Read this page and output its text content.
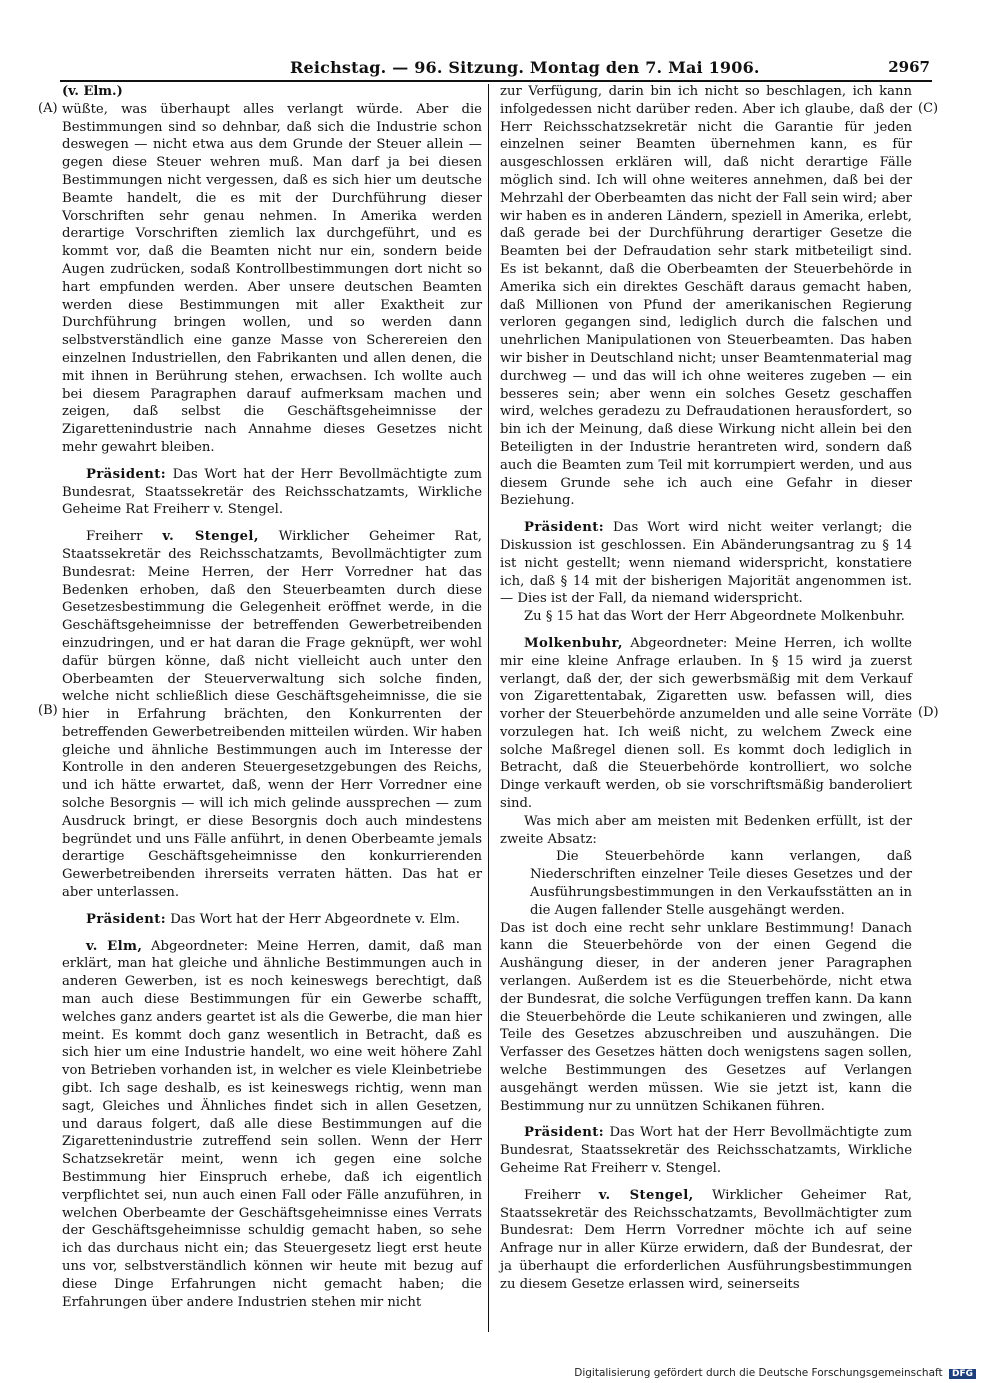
Reichstag. — 96. Sitzung. Montag den 7. Mai 1906.	2967
(A)
(B)
(C)
(D)

(v. Elm.)

wüßte, was überhaupt alles verlangt würde. Aber die Bestimmungen sind so dehnbar, daß sich die Industrie schon deswegen — nicht etwa aus dem Grunde der Steuer allein — gegen diese Steuer wehren muß. Man darf ja bei diesen Bestimmungen nicht vergessen, daß es sich hier um deutsche Beamte handelt, die es mit der Durchführung dieser Vorschriften sehr genau nehmen. In Amerika werden derartige Vorschriften ziemlich lax durchgeführt, und es kommt vor, daß die Beamten nicht nur ein, sondern beide Augen zudrücken, sodaß Kontrollbestimmungen dort nicht so hart empfunden werden. Aber unsere deutschen Beamten werden diese Bestimmungen mit aller Exaktheit zur Durchführung bringen wollen, und so werden dann selbstverständlich eine ganze Masse von Scherereien den einzelnen Industriellen, den Fabrikanten und allen denen, die mit ihnen in Berührung stehen, erwachsen. Ich wollte auch bei diesem Paragraphen darauf aufmerksam machen und zeigen, daß selbst die Geschäftsgeheimnisse der Zigarettenindustrie nach Annahme dieses Gesetzes nicht mehr gewahrt bleiben.

Präsident: Das Wort hat der Herr Bevollmächtigte zum Bundesrat, Staatssekretär des Reichsschatzamts, Wirkliche Geheime Rat Freiherr v. Stengel.

Freiherr v. Stengel, Wirklicher Geheimer Rat, Staatssekretär des Reichsschatzamts, Bevollmächtigter zum Bundesrat: Meine Herren, der Herr Vorredner hat das Bedenken erhoben, daß den Steuerbeamten durch diese Gesetzesbestimmung die Gelegenheit eröffnet werde, in die Geschäftsgeheimnisse der betreffenden Gewerbetreibenden einzudringen, und er hat daran die Frage geknüpft, wer wohl dafür bürgen könne, daß nicht vielleicht auch unter den Oberbeamten der Steuerverwaltung sich solche finden, welche nicht schließlich diese Geschäftsgeheimnisse, die sie hier in Erfahrung brächten, den Konkurrenten der betreffenden Gewerbetreibenden mitteilen würden. Wir haben gleiche und ähnliche Bestimmungen auch im Interesse der Kontrolle in den anderen Steuergesetzgebungen des Reichs, und ich hätte erwartet, daß, wenn der Herr Vorredner eine solche Besorgnis — will ich mich gelinde aussprechen — zum Ausdruck bringt, er diese Besorgnis doch auch mindestens begründet und uns Fälle anführt, in denen Oberbeamte jemals derartige Geschäftsgeheimnisse den konkurrierenden Gewerbetreibenden ihrerseits verraten hätten. Das hat er aber unterlassen.

Präsident: Das Wort hat der Herr Abgeordnete v. Elm.

v. Elm, Abgeordneter: Meine Herren, damit, daß man erklärt, man hat gleiche und ähnliche Bestimmungen auch in anderen Gewerben, ist es noch keineswegs berechtigt, daß man auch diese Bestimmungen für ein Gewerbe schafft, welches ganz anders geartet ist als die Gewerbe, die man hier meint. Es kommt doch ganz wesentlich in Betracht, daß es sich hier um eine Industrie handelt, wo eine weit höhere Zahl von Betrieben vorhanden ist, in welcher es viele Kleinbetriebe gibt. Ich sage deshalb, es ist keineswegs richtig, wenn man sagt, Gleiches und Ähnliches findet sich in allen Gesetzen, und daraus folgert, daß alle diese Bestimmungen auf die Zigarettenindustrie zutreffend sein sollen. Wenn der Herr Schatzsekretär meint, wenn ich gegen eine solche Bestimmung hier Einspruch erhebe, daß ich eigentlich verpflichtet sei, nun auch einen Fall oder Fälle anzuführen, in welchen Oberbeamte der Geschäftsgeheimnisse eines Verrats der Geschäftsgeheimnisse schuldig gemacht haben, so sehe ich das durchaus nicht ein; das Steuergesetz liegt erst heute uns vor, selbstverständlich können wir heute mit bezug auf diese Dinge Erfahrungen nicht gemacht haben; die Erfahrungen über andere Industrien stehen mir nicht

zur Verfügung, darin bin ich nicht so beschlagen, ich kann infolgedessen nicht darüber reden. Aber ich glaube, daß der Herr Reichsschatzsekretär nicht die Garantie für jeden einzelnen seiner Beamten übernehmen kann, es für ausgeschlossen erklären will, daß nicht derartige Fälle möglich sind. Ich will ohne weiteres annehmen, daß bei der Mehrzahl der Oberbeamten das nicht der Fall sein wird; aber wir haben es in anderen Ländern, speziell in Amerika, erlebt, daß gerade bei der Durchführung derartiger Gesetze die Beamten bei der Defraudation sehr stark mitbeteiligt sind. Es ist bekannt, daß die Oberbeamten der Steuerbehörde in Amerika sich ein direktes Geschäft daraus gemacht haben, daß Millionen von Pfund der amerikanischen Regierung verloren gegangen sind, lediglich durch die falschen und unehrlichen Manipulationen von Steuerbeamten. Das haben wir bisher in Deutschland nicht; unser Beamtenmaterial mag durchweg — und das will ich ohne weiteres zugeben — ein besseres sein; aber wenn ein solches Gesetz geschaffen wird, welches geradezu zu Defraudationen herausfordert, so bin ich der Meinung, daß diese Wirkung nicht allein bei den Beteiligten in der Industrie herantreten wird, sondern daß auch die Beamten zum Teil mit korrumpiert werden, und aus diesem Grunde sehe ich auch eine Gefahr in dieser Beziehung.

Präsident: Das Wort wird nicht weiter verlangt; die Diskussion ist geschlossen. Ein Abänderungsantrag zu § 14 ist nicht gestellt; wenn niemand widerspricht, konstatiere ich, daß § 14 mit der bisherigen Majorität angenommen ist. — Dies ist der Fall, da niemand widerspricht.

Zu § 15 hat das Wort der Herr Abgeordnete Molkenbuhr.

Molkenbuhr, Abgeordneter: Meine Herren, ich wollte mir eine kleine Anfrage erlauben. In § 15 wird ja zuerst verlangt, daß der, der sich gewerbsmäßig mit dem Verkauf von Zigarettentabak, Zigaretten usw. befassen will, dies vorher der Steuerbehörde anzumelden und alle seine Vorräte vorzulegen hat. Ich weiß nicht, zu welchem Zweck eine solche Maßregel dienen soll. Es kommt doch lediglich in Betracht, daß die Steuerbehörde kontrolliert, wo solche Dinge verkauft werden, ob sie vorschriftsmäßig banderoliert sind.

Was mich aber am meisten mit Bedenken erfüllt, ist der zweite Absatz:

Die Steuerbehörde kann verlangen, daß Niederschriften einzelner Teile dieses Gesetzes und der Ausführungsbestimmungen in den Verkaufsstätten an in die Augen fallender Stelle ausgehängt werden.

Das ist doch eine recht sehr unklare Bestimmung! Danach kann die Steuerbehörde von der einen Gegend die Aushängung dieser, in der anderen jener Paragraphen verlangen. Außerdem ist es die Steuerbehörde, nicht etwa der Bundesrat, die solche Verfügungen treffen kann. Da kann die Steuerbehörde die Leute schikanieren und zwingen, alle Teile des Gesetzes abzuschreiben und auszuhängen. Die Verfasser des Gesetzes hätten doch wenigstens sagen sollen, welche Bestimmungen des Gesetzes auf Verlangen ausgehängt werden müssen. Wie sie jetzt ist, kann die Bestimmung nur zu unnützen Schikanen führen.

Präsident: Das Wort hat der Herr Bevollmächtigte zum Bundesrat, Staatssekretär des Reichsschatzamts, Wirkliche Geheime Rat Freiherr v. Stengel.

Freiherr v. Stengel, Wirklicher Geheimer Rat, Staatssekretär des Reichsschatzamts, Bevollmächtigter zum Bundesrat: Dem Herrn Vorredner möchte ich auf seine Anfrage nur in aller Kürze erwidern, daß der Bundesrat, der ja überhaupt die erforderlichen Ausführungsbestimmungen zu diesem Gesetze erlassen wird, seinerseits

Digitalisierung gefördert durch die Deutsche Forschungsgemeinschaft DFG
